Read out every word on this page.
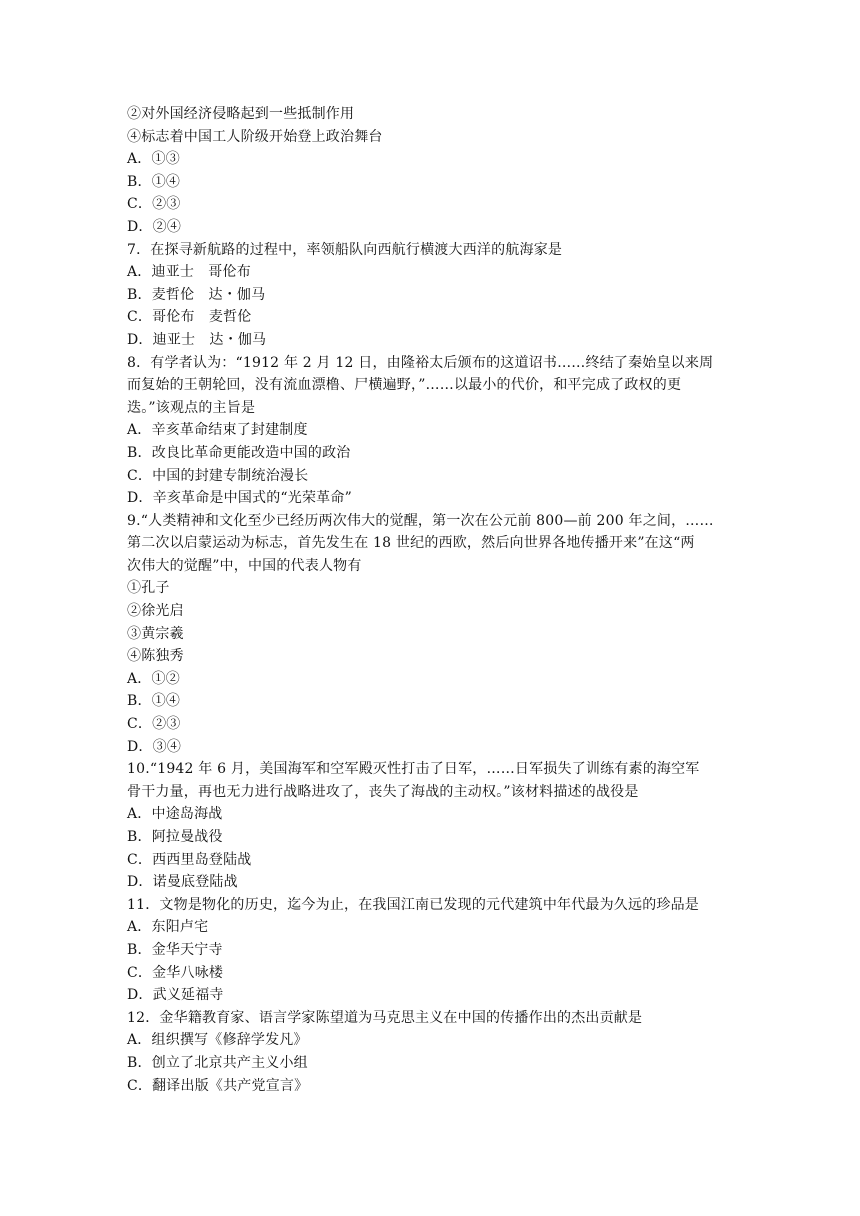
②对外国经济侵略起到一些抵制作用
④标志着中国工人阶级开始登上政治舞台
A．①③
B．①④
C．②③
D．②④
7．在探寻新航路的过程中，率领船队向西航行横渡大西洋的航海家是
A．迪亚士　哥伦布
B．麦哲伦　达・伽马
C．哥伦布　麦哲伦
D．迪亚士　达・伽马
8．有学者认为：“1912 年 2 月 12 日，由隆裕太后颁布的这道诏书……终结了秦始皇以来周
而复始的王朝轮回，没有流血漂橹、尸横遍野，”……以最小的代价，和平完成了政权的更
迭。”该观点的主旨是
A．辛亥革命结束了封建制度
B．改良比革命更能改造中国的政治
C．中国的封建专制统治漫长
D．辛亥革命是中国式的“光荣革命”
9.“人类精神和文化至少已经历两次伟大的觉醒，第一次在公元前 800—前 200 年之间，……
第二次以启蒙运动为标志，首先发生在 18 世纪的西欧，然后向世界各地传播开来”在这“两
次伟大的觉醒”中，中国的代表人物有
①孔子
②徐光启
③黄宗羲
④陈独秀
A．①②
B．①④
C．②③
D．③④
10.“1942 年 6 月，美国海军和空军殿灭性打击了日军，……日军损失了训练有素的海空军
骨干力量，再也无力进行战略进攻了，丧失了海战的主动权。”该材料描述的战役是
A．中途岛海战
B．阿拉曼战役
C．西西里岛登陆战
D．诺曼底登陆战
11．文物是物化的历史，迄今为止，在我国江南已发现的元代建筑中年代最为久远的珍品是
A．东阳卢宅
B．金华天宁寺
C．金华八咏楼
D．武义延福寺
12．金华籍教育家、语言学家陈望道为马克思主义在中国的传播作出的杰出贡献是
A．组织撰写《修辞学发凡》
B．创立了北京共产主义小组
C．翻译出版《共产党宣言》
